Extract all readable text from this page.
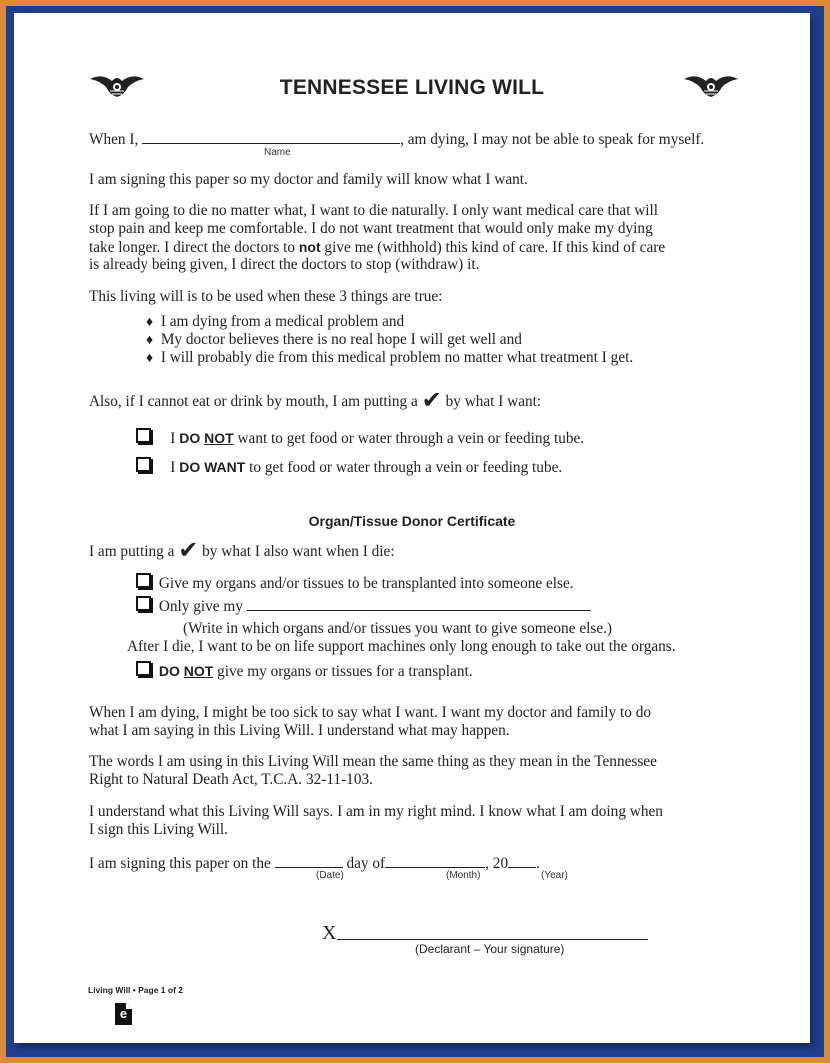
TENNESSEE LIVING WILL
When I,	, am dying, I may not be able to speak for myself.
Name
I am signing this paper so my doctor and family will know what I want.
If I am going to die no matter what, I want to die naturally. I only want medical care that will
stop pain and keep me comfortable. I do not want treatment that would only make my dying
take longer. I direct the doctors to not give me (withhold) this kind of care. If this kind of care
is already being given, I direct the doctors to stop (withdraw) it.
This living will is to be used when these 3 things are true:
♦ I am dying from a medical problem and
♦ My doctor believes there is no real hope I will get well and
♦ I will probably die from this medical problem no matter what treatment I get.
Also, if I cannot eat or drink by mouth, I am putting a ✔ by what I want:
I DO NOT want to get food or water through a vein or feeding tube.
I DO WANT to get food or water through a vein or feeding tube.
Organ/Tissue Donor Certificate
I am putting a ✔ by what I also want when I die:
Give my organs and/or tissues to be transplanted into someone else.
Only give my
(Write in which organs and/or tissues you want to give someone else.)
After I die, I want to be on life support machines only long enough to take out the organs.
DO NOT give my organs or tissues for a transplant.
When I am dying, I might be too sick to say what I want. I want my doctor and family to do
what I am saying in this Living Will. I understand what may happen.
The words I am using in this Living Will mean the same thing as they mean in the Tennessee
Right to Natural Death Act, T.C.A. 32-11-103.
I understand what this Living Will says. I am in my right mind. I know what I am doing when
I sign this Living Will.
I am signing this paper on the	day of	, 20 .
(Date)	(Month)	(Year)
X
(Declarant – Your signature)
Living Will • Page 1 of 2
e
